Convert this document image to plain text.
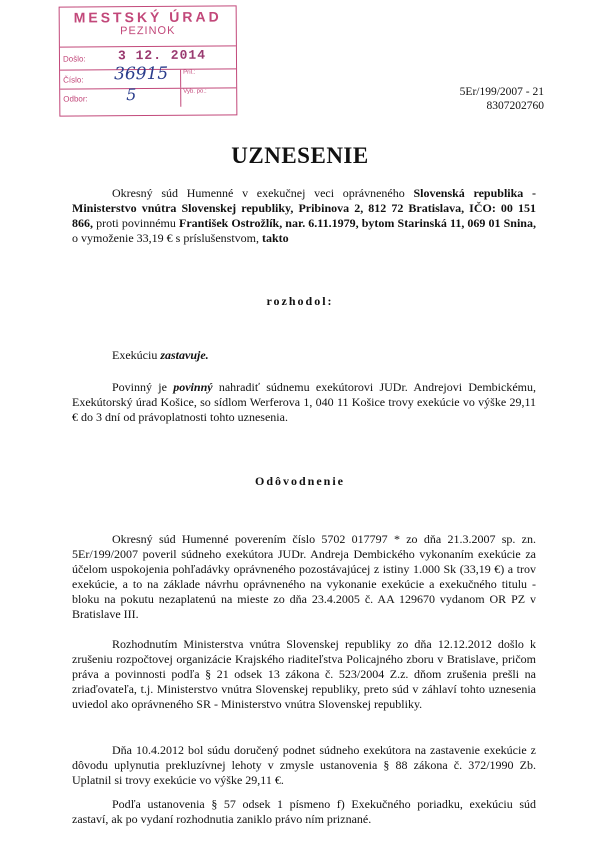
MESTSKÝ ÚRAD
PEZINOK
Došlo:	3 12. 2014
Číslo:	36915	Príl.:
Odbor:	5	Vyb. po.:	5Er/199/2007 - 21
8307202760
UZNESENIE
Okresný súd Humenné v exekučnej veci oprávneného Slovenská republika - Ministerstvo vnútra Slovenskej republiky, Pribinova 2, 812 72 Bratislava, IČO: 00 151 866, proti povinnému František Ostrožlík, nar. 6.11.1979, bytom Starinská 11, 069 01 Snina, o vymoženie 33,19 € s príslušenstvom, takto
rozhodol:
Exekúciu zastavuje.
Povinný je povinný nahradiť súdnemu exekútorovi JUDr. Andrejovi Dembickému, Exekútorský úrad Košice, so sídlom Werferova 1, 040 11 Košice trovy exekúcie vo výške 29,11 € do 3 dní od právoplatnosti tohto uznesenia.
Odôvodnenie
Okresný súd Humenné poverením číslo 5702 017797 * zo dňa 21.3.2007 sp. zn. 5Er/199/2007 poveril súdneho exekútora JUDr. Andreja Dembického vykonaním exekúcie za účelom uspokojenia pohľadávky oprávneného pozostávajúcej z istiny 1.000 Sk (33,19 €) a trov exekúcie, a to na základe návrhu oprávneného na vykonanie exekúcie a exekučného titulu - bloku na pokutu nezaplatenú na mieste zo dňa 23.4.2005 č. AA 129670 vydanom OR PZ v Bratislave III.
Rozhodnutím Ministerstva vnútra Slovenskej republiky zo dňa 12.12.2012 došlo k zrušeniu rozpočtovej organizácie Krajského riaditeľstva Policajného zboru v Bratislave, pričom práva a povinnosti podľa § 21 odsek 13 zákona č. 523/2004 Z.z. dňom zrušenia prešli na zriaďovateľa, t.j. Ministerstvo vnútra Slovenskej republiky, preto súd v záhlaví tohto uznesenia uviedol ako oprávneného SR - Ministerstvo vnútra Slovenskej republiky.
Dňa 10.4.2012 bol súdu doručený podnet súdneho exekútora na zastavenie exekúcie z dôvodu uplynutia prekluzívnej lehoty v zmysle ustanovenia § 88 zákona č. 372/1990 Zb. Uplatnil si trovy exekúcie vo výške 29,11 €.
Podľa ustanovenia § 57 odsek 1 písmeno f) Exekučného poriadku, exekúciu súd zastaví, ak po vydaní rozhodnutia zaniklo právo ním priznané.
